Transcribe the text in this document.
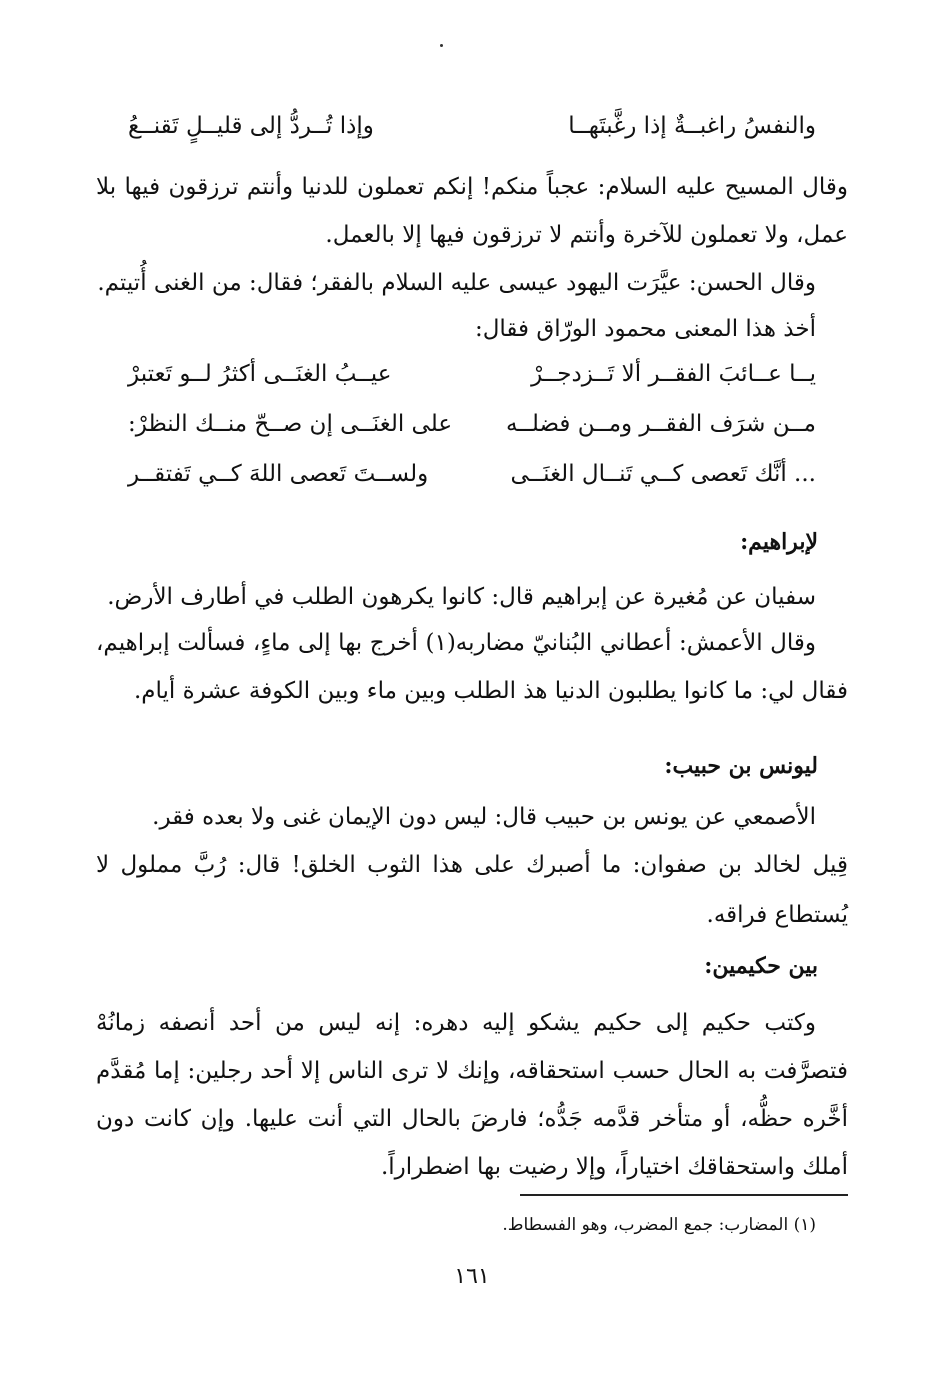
والنفسُ راغبــةٌ إذا رغَّبتَهــا
وإذا تُــردُّ إلى قليــلٍ تَقنــعُ
وقال المسيح عليه السلام: عجباً منكم! إنكم تعملون للدنيا وأنتم ترزقون فيها بلا
عمل، ولا تعملون للآخرة وأنتم لا ترزقون فيها إلا بالعمل.
وقال الحسن: عيَّرَت اليهود عيسى عليه السلام بالفقر؛ فقال: من الغنى أُتيتم.
أخذ هذا المعنى محمود الورّاق فقال:
يــا عــائبَ الفقــر ألا تَــزدجــرْ
عيــبُ الغنَــى أكثرُ لــو تَعتبرْ
مــن شرَف الفقــر ومــن فضلــه
على الغنَــى إن صــحّ منــك النظرْ:
... أنَّك تَعصى كــي تَنــال الغنَــى
ولســتَ تَعصى اللهَ كــي تَفتقــر
لإبراهيم:
سفيان عن مُغيرة عن إبراهيم قال: كانوا يكرهون الطلب في أطارف الأرض.
وقال الأعمش: أعطاني البُنانيّ مضاربه(١) أخرج بها إلى ماءٍ، فسألت إبراهيم،
فقال لي: ما كانوا يطلبون الدنيا هذ الطلب وبين ماء وبين الكوفة عشرة أيام.
ليونس بن حبيب:
الأصمعي عن يونس بن حبيب قال: ليس دون الإيمان غنى ولا بعده فقر.
قِيل لخالد بن صفوان: ما أصبرك على هذا الثوب الخلق! قال: رُبَّ مملول لا
يُستطاع فراقه.
بين حكيمين:
وكتب حكيم إلى حكيم يشكو إليه دهره: إنه ليس من أحد أنصفه زمانُهْ
فتصرَّفت به الحال حسب استحقاقه، وإنك لا ترى الناس إلا أحد رجلين: إما مُقدَّم
أخَّره حظُّه، أو متأخر قدَّمه جَدُّه؛ فارضَ بالحال التي أنت عليها. وإن كانت دون
أملك واستحقاقك اختياراً، وإلا رضيت بها اضطراراً.
(١) المضارب: جمع المضرب، وهو الفسطاط.
١٦١
